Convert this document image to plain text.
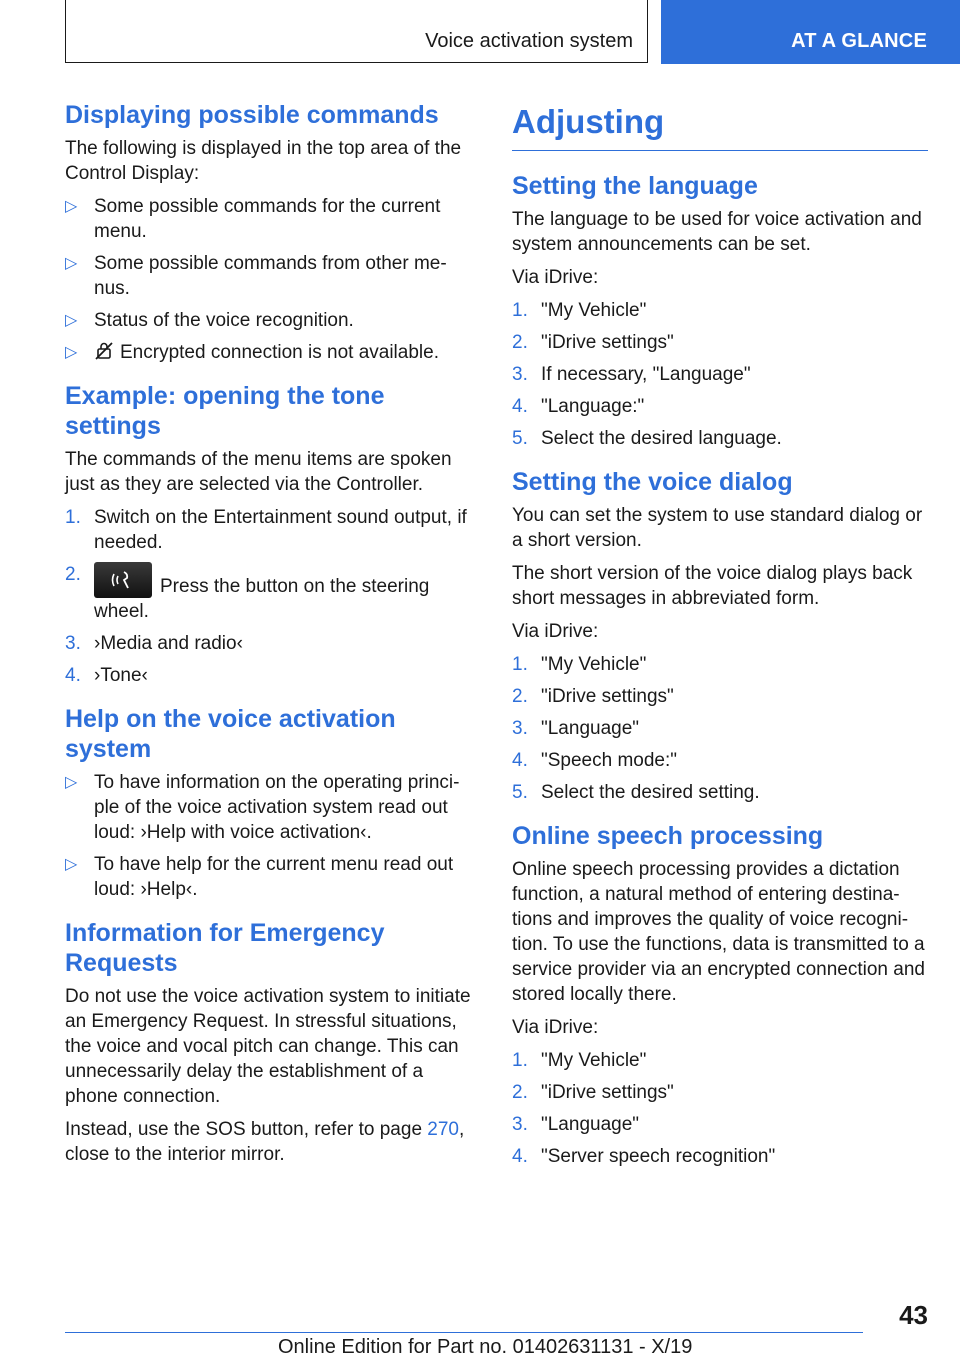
Voice activation system	AT A GLANCE
Displaying possible commands

The following is displayed in the top area of the Control Display:

▷ Some possible commands for the current menu.
▷ Some possible commands from other me‐nus.
▷ Status of the voice recognition.
▷ Encrypted connection is not available.
Example: opening the tone settings

The commands of the menu items are spoken just as they are selected via the Controller.

1. Switch on the Entertainment sound output, if needed.
2.
Press the button on the steering wheel.
3. ›Media and radio‹
4. ›Tone‹
Help on the voice activation system
▷ To have information on the operating princi‐ple of the voice activation system read out loud: ›Help with voice activation‹.
▷ To have help for the current menu read out loud: ›Help‹.
Information for Emergency Requests

Do not use the voice activation system to initiate an Emergency Request. In stressful situations, the voice and vocal pitch can change. This can unnecessarily delay the establishment of a phone connection.

Instead, use the SOS button, refer to page 270, close to the interior mirror.

Adjusting
Setting the language

The language to be used for voice activation and system announcements can be set.

Via iDrive:

1. "My Vehicle"
2. "iDrive settings"
3. If necessary, "Language"
4. "Language:"
5. Select the desired language.
Setting the voice dialog

You can set the system to use standard dialog or a short version.

The short version of the voice dialog plays back short messages in abbreviated form.

Via iDrive:

1. "My Vehicle"
2. "iDrive settings"
3. "Language"
4. "Speech mode:"
5. Select the desired setting.
Online speech processing

Online speech processing provides a dictation function, a natural method of entering destina‐tions and improves the quality of voice recogni‐tion. To use the functions, data is transmitted to a service provider via an encrypted connection and stored locally there.

Via iDrive:

1. "My Vehicle"
2. "iDrive settings"
3. "Language"
4. "Server speech recognition"
43
Online Edition for Part no. 01402631131 - X/19
